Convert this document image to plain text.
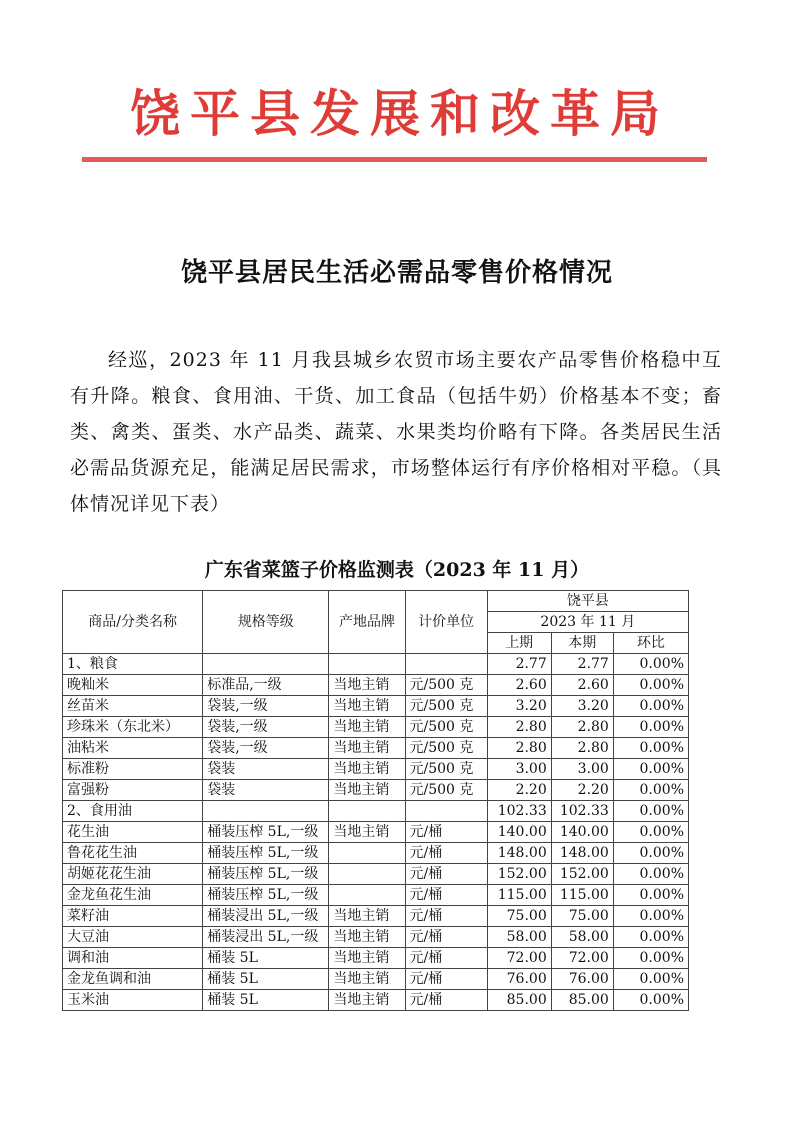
饶平县发展和改革局
饶平县居民生活必需品零售价格情况

经巡，2023 年 11 月我县城乡农贸市场主要农产品零售价格稳中互有升降。粮食、食用油、干货、加工食品（包括牛奶）价格基本不变；畜类、禽类、蛋类、水产品类、蔬菜、水果类均价略有下降。各类居民生活必需品货源充足，能满足居民需求，市场整体运行有序价格相对平稳。（具体情况详见下表）

广东省菜篮子价格监测表（2023 年 11 月）
商品/分类名称	规格等级	产地品牌	计价单位	饶平县		
				2023 年 11 月		
				上期	本期	环比
1、粮食				2.77	2.77	0.00%
晚籼米	标准品,一级	当地主销	元/500 克	2.60	2.60	0.00%
丝苗米	袋装,一级	当地主销	元/500 克	3.20	3.20	0.00%
珍珠米（东北米）	袋装,一级	当地主销	元/500 克	2.80	2.80	0.00%
油粘米	袋装,一级	当地主销	元/500 克	2.80	2.80	0.00%
标准粉	袋装	当地主销	元/500 克	3.00	3.00	0.00%
富强粉	袋装	当地主销	元/500 克	2.20	2.20	0.00%
2、食用油				102.33	102.33	0.00%
花生油	桶装压榨 5L,一级	当地主销	元/桶	140.00	140.00	0.00%
鲁花花生油	桶装压榨 5L,一级		元/桶	148.00	148.00	0.00%
胡姬花花生油	桶装压榨 5L,一级		元/桶	152.00	152.00	0.00%
金龙鱼花生油	桶装压榨 5L,一级		元/桶	115.00	115.00	0.00%
菜籽油	桶装浸出 5L,一级	当地主销	元/桶	75.00	75.00	0.00%
大豆油	桶装浸出 5L,一级	当地主销	元/桶	58.00	58.00	0.00%
调和油	桶装 5L	当地主销	元/桶	72.00	72.00	0.00%
金龙鱼调和油	桶装 5L	当地主销	元/桶	76.00	76.00	0.00%
玉米油	桶装 5L	当地主销	元/桶	85.00	85.00	0.00%
